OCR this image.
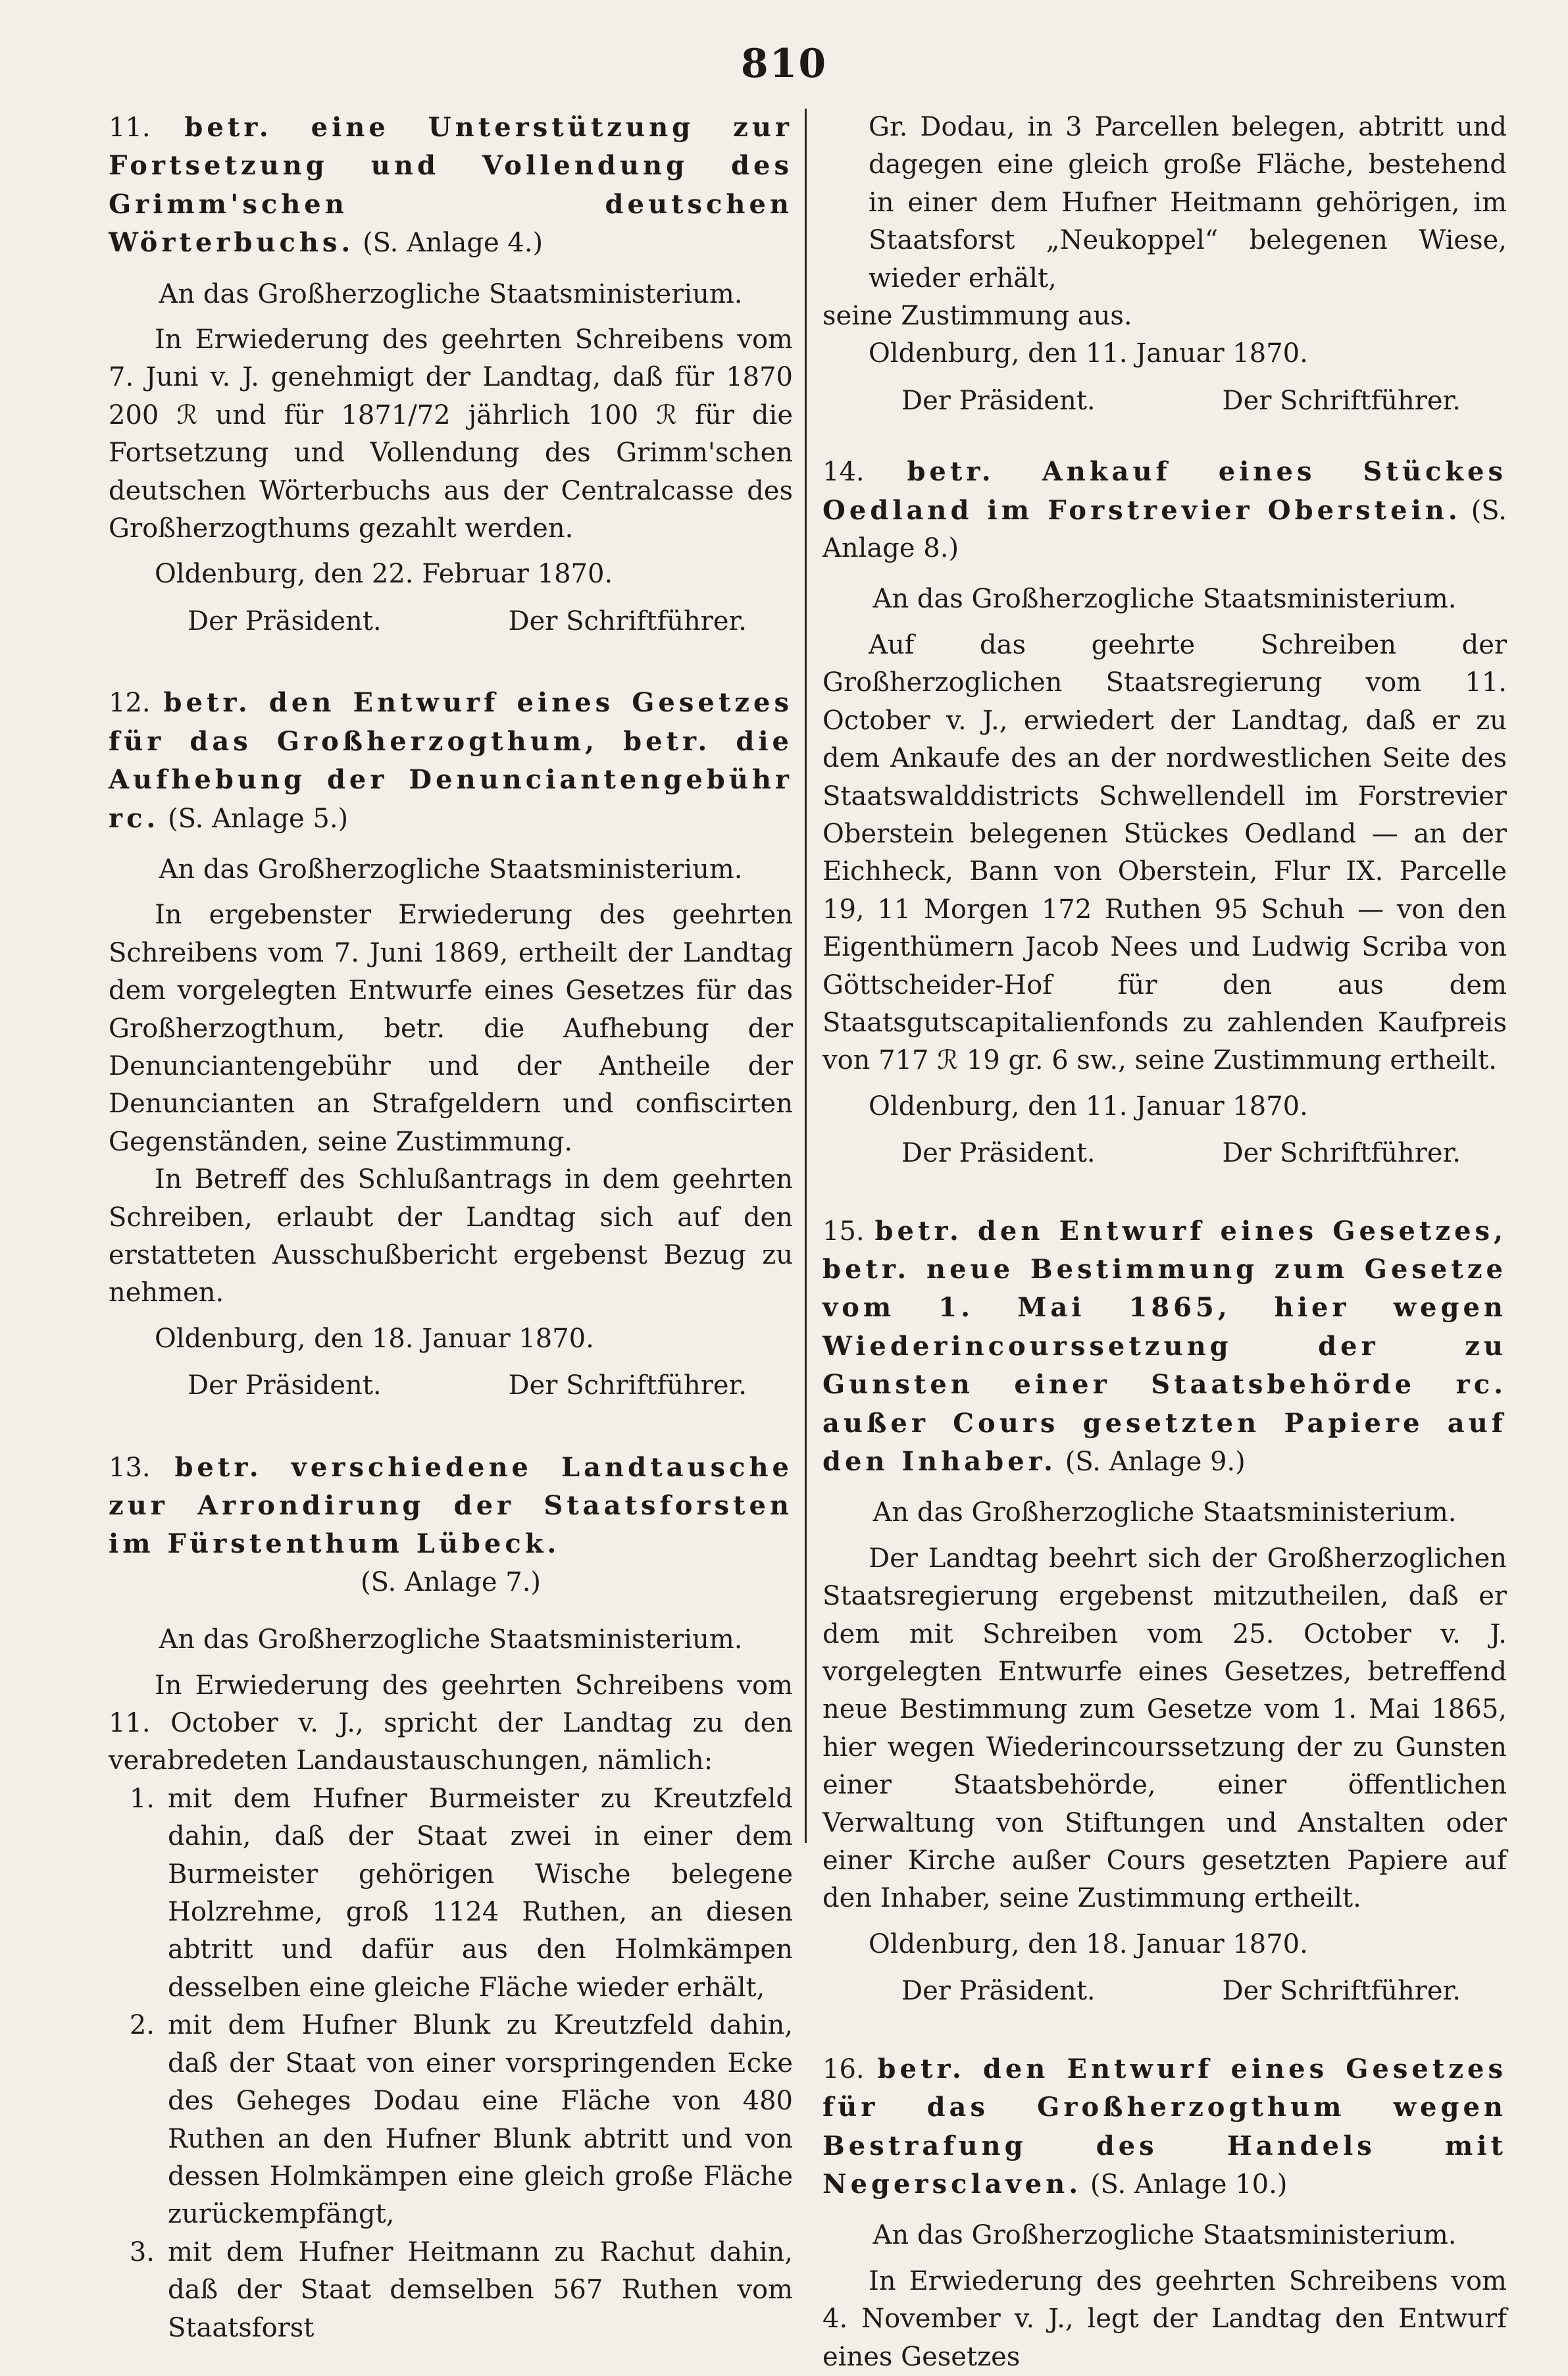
810

11. betr. eine Unterstützung zur Fortsetzung und Vollendung des Grimm'schen deutschen Wörterbuchs. (S. Anlage 4.)

An das Großherzogliche Staatsministerium.

In Erwiederung des geehrten Schreibens vom 7. Juni v. J. genehmigt der Landtag, daß für 1870 200 ℛ und für 1871/72 jährlich 100 ℛ für die Fortsetzung und Vollendung des Grimm'schen deutschen Wörterbuchs aus der Centralcasse des Großherzogthums gezahlt werden.

Oldenburg, den 22. Februar 1870.

Der Präsident.	Der Schriftführer.

12. betr. den Entwurf eines Gesetzes für das Großherzogthum, betr. die Aufhebung der Denunciantengebühr rc. (S. Anlage 5.)

An das Großherzogliche Staatsministerium.

In ergebenster Erwiederung des geehrten Schreibens vom 7. Juni 1869, ertheilt der Landtag dem vorgelegten Entwurfe eines Gesetzes für das Großherzogthum, betr. die Aufhebung der Denunciantengebühr und der Antheile der Denuncianten an Strafgeldern und confiscirten Gegenständen, seine Zustimmung.

In Betreff des Schlußantrags in dem geehrten Schreiben, erlaubt der Landtag sich auf den erstatteten Ausschußbericht ergebenst Bezug zu nehmen.

Oldenburg, den 18. Januar 1870.

Der Präsident.	Der Schriftführer.

13. betr. verschiedene Landtausche zur Arrondirung der Staatsforsten im Fürstenthum Lübeck.

(S. Anlage 7.)

An das Großherzogliche Staatsministerium.

In Erwiederung des geehrten Schreibens vom 11. October v. J., spricht der Landtag zu den verabredeten Landaustauschungen, nämlich:

1. mit dem Hufner Burmeister zu Kreutzfeld dahin, daß der Staat zwei in einer dem Burmeister gehörigen Wische belegene Holzrehme, groß 1124 Ruthen, an diesen abtritt und dafür aus den Holmkämpen desselben eine gleiche Fläche wieder erhält,
2. mit dem Hufner Blunk zu Kreutzfeld dahin, daß der Staat von einer vorspringenden Ecke des Geheges Dodau eine Fläche von 480 Ruthen an den Hufner Blunk abtritt und von dessen Holmkämpen eine gleich große Fläche zurückempfängt,
3. mit dem Hufner Heitmann zu Rachut dahin, daß der Staat demselben 567 Ruthen vom Staatsforst

Gr. Dodau, in 3 Parcellen belegen, abtritt und dagegen eine gleich große Fläche, bestehend in einer dem Hufner Heitmann gehörigen, im Staatsforst „Neukoppel“ belegenen Wiese, wieder erhält,

seine Zustimmung aus.

Oldenburg, den 11. Januar 1870.

Der Präsident.	Der Schriftführer.

14. betr. Ankauf eines Stückes Oedland im Forstrevier Oberstein. (S. Anlage 8.)

An das Großherzogliche Staatsministerium.

Auf das geehrte Schreiben der Großherzoglichen Staatsregierung vom 11. October v. J., erwiedert der Landtag, daß er zu dem Ankaufe des an der nordwestlichen Seite des Staatswalddistricts Schwellendell im Forstrevier Oberstein belegenen Stückes Oedland — an der Eichheck, Bann von Oberstein, Flur IX. Parcelle 19, 11 Morgen 172 Ruthen 95 Schuh — von den Eigenthümern Jacob Nees und Ludwig Scriba von Göttscheider-Hof für den aus dem Staatsgutscapitalienfonds zu zahlenden Kaufpreis von 717 ℛ 19 gr. 6 sw., seine Zustimmung ertheilt.

Oldenburg, den 11. Januar 1870.

Der Präsident.	Der Schriftführer.

15. betr. den Entwurf eines Gesetzes, betr. neue Bestimmung zum Gesetze vom 1. Mai 1865, hier wegen Wiederincourssetzung der zu Gunsten einer Staatsbehörde rc. außer Cours gesetzten Papiere auf den Inhaber. (S. Anlage 9.)

An das Großherzogliche Staatsministerium.

Der Landtag beehrt sich der Großherzoglichen Staatsregierung ergebenst mitzutheilen, daß er dem mit Schreiben vom 25. October v. J. vorgelegten Entwurfe eines Gesetzes, betreffend neue Bestimmung zum Gesetze vom 1. Mai 1865, hier wegen Wiederincourssetzung der zu Gunsten einer Staatsbehörde, einer öffentlichen Verwaltung von Stiftungen und Anstalten oder einer Kirche außer Cours gesetzten Papiere auf den Inhaber, seine Zustimmung ertheilt.

Oldenburg, den 18. Januar 1870.

Der Präsident.	Der Schriftführer.

16. betr. den Entwurf eines Gesetzes für das Großherzogthum wegen Bestrafung des Handels mit Negersclaven. (S. Anlage 10.)

An das Großherzogliche Staatsministerium.

In Erwiederung des geehrten Schreibens vom 4. November v. J., legt der Landtag den Entwurf eines Gesetzes
